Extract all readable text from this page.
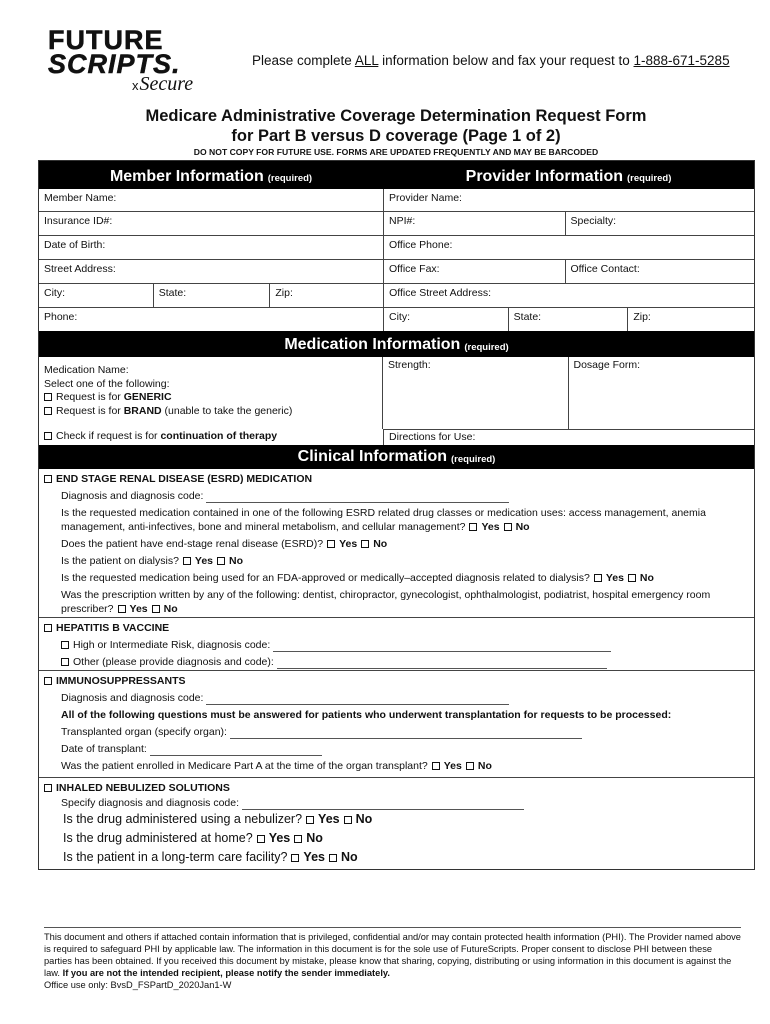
FUTURE
SCRIPTS.
xSecure
Please complete ALL information below and fax your request to 1-888-671-5285
Medicare Administrative Coverage Determination Request Form
for Part B versus D coverage (Page 1 of 2)
DO NOT COPY FOR FUTURE USE. FORMS ARE UPDATED FREQUENTLY AND MAY BE BARCODED
Member Information (required)	Provider Information (required)
Member Name:	Provider Name:
Insurance ID#:	NPI#:	Specialty:
Date of Birth:	Office Phone:
Street Address:	Office Fax:	Office Contact:
City:	State:	Zip:	Office Street Address:
Phone:	City:	State:	Zip:
Medication Information (required)
Medication Name:
Select one of the following:
Request is for GENERIC
Request is for BRAND (unable to take the generic)
Strength:	Dosage Form:
Check if request is for continuation of therapy	Directions for Use:
Clinical Information (required)
END STAGE RENAL DISEASE (ESRD) MEDICATION
Diagnosis and diagnosis code:
Is the requested medication contained in one of the following ESRD related drug classes or medication uses: access management, anemia management, anti-infectives, bone and mineral metabolism, and cellular management? Yes No
Does the patient have end-stage renal disease (ESRD)? Yes No
Is the patient on dialysis? Yes No
Is the requested medication being used for an FDA-approved or medically–accepted diagnosis related to dialysis? Yes No
Was the prescription written by any of the following: dentist, chiropractor, gynecologist, ophthalmologist, podiatrist, hospital emergency room prescriber? Yes No
HEPATITIS B VACCINE
High or Intermediate Risk, diagnosis code:
Other (please provide diagnosis and code):
IMMUNOSUPPRESSANTS
Diagnosis and diagnosis code:
All of the following questions must be answered for patients who underwent transplantation for requests to be processed:
Transplanted organ (specify organ):
Date of transplant:
Was the patient enrolled in Medicare Part A at the time of the organ transplant? Yes No
INHALED NEBULIZED SOLUTIONS
Specify diagnosis and diagnosis code:
Is the drug administered using a nebulizer? Yes No
Is the drug administered at home? Yes No
Is the patient in a long-term care facility? Yes No
This document and others if attached contain information that is privileged, confidential and/or may contain protected health information (PHI). The Provider named above is required to safeguard PHI by applicable law. The information in this document is for the sole use of FutureScripts. Proper consent to disclose PHI between these parties has been obtained. If you received this document by mistake, please know that sharing, copying, distributing or using information in this document is against the law. If you are not the intended recipient, please notify the sender immediately.
Office use only: BvsD_FSPartD_2020Jan1-W
